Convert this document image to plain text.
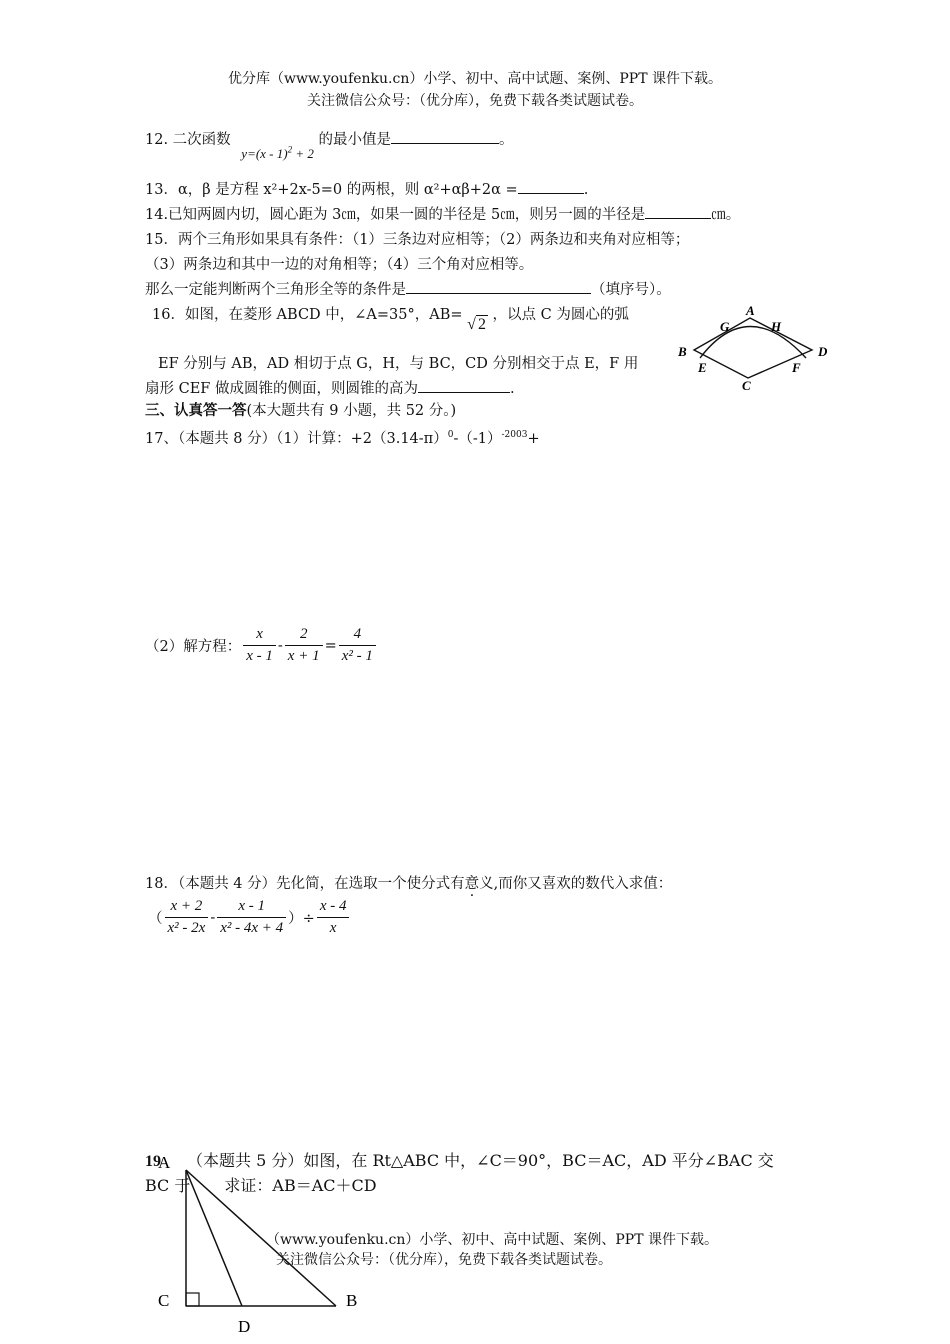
优分库（www.youfenku.cn）小学、初中、高中试题、案例、PPT 课件下载。
关注微信公众号：（优分库），免费下载各类试题试卷。
12. 二次函数 y=(x - 1)$^2$ + 2 的最小值是	。
13．α，β 是方程 x²+2x-5=0 的两根，则 α²+αβ+2α =	.
14.已知两圆内切，圆心距为 3㎝，如果一圆的半径是 5㎝，则另一圆的半径是	㎝。
15．两个三角形如果具有条件：（1）三条边对应相等；（2）两条边和夹角对应相等；
（3）两条边和其中一边的对角相等；（4）三个角对应相等。
那么一定能判断两个三角形全等的条件是	（填序号）。
16．如图，在菱形 ABCD 中，∠A=35°，AB= √ 2 ，以点 C 为圆心的弧
EF 分别与 AB，AD 相切于点 G，H，与 BC，CD 分别相交于点 E，F 用
扇形 CEF 做成圆锥的侧面，则圆锥的高为	.
A
B
C
D
E	F
G	H
三、认真答一答(本大题共有 9 小题，共 52 分。)
17、（本题共 8 分）（1）计算：$+2(3.14-\pi)^0-(-1)^{-2003}+$
（2）解方程： $\frac{x}{x - 1} - \frac{2}{x + 1} = \frac{4}{\text{x² - 1}}$
18．（本题共 4 分）先化简，在选取一个使分式有意义,而你又喜欢的数代入求值：
（ $\frac{x + 2}{\text{x² - 2x}} - \frac{x - 1}{\text{x² - 4x + 4}}$ ）÷ $\frac{x - 4}{x}$
19 （本题共 5 分）如图，在 Rt△ABC 中，∠C＝90°，BC＝AC，AD 平分∠BAC 交
BC 于 求证：AB＝AC＋CD
A
C	B
D
（www.youfenku.cn）小学、初中、高中试题、案例、PPT 课件下载。
关注微信公众号：（优分库），免费下载各类试题试卷。
